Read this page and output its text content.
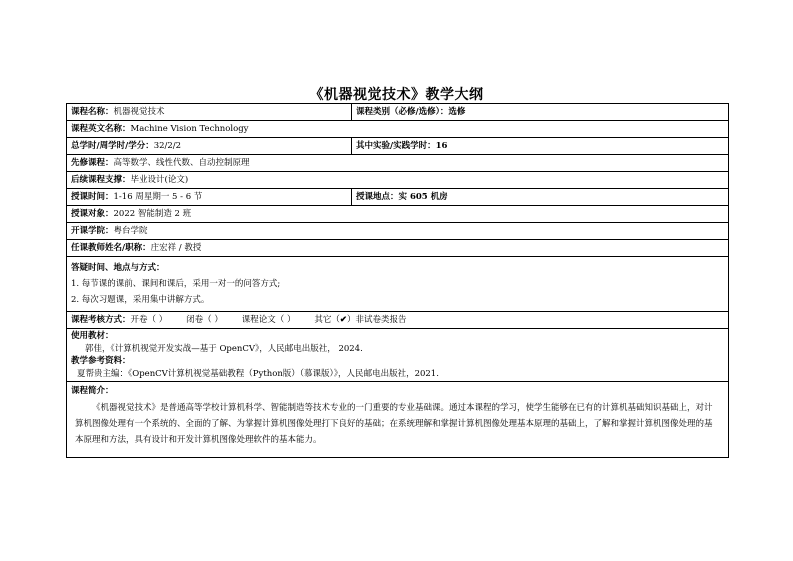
《机器视觉技术》教学大纲
课程名称：机器视觉技术	课程类别（必修/选修）：选修
课程英文名称：Machine Vision Technology	
总学时/周学时/学分：32/2/2	其中实验/实践学时：16
先修课程：高等数学、线性代数、自动控制原理	
后续课程支撑：毕业设计(论文)	
授课时间：1-16 周星期一 5 - 6 节	授课地点：实 605 机房
授课对象：2022 智能制造 2 班	
开课学院：粤台学院	
任课教师姓名/职称：庄宏祥 / 教授	

答疑时间、地点与方式：
1. 每节课的课前、课间和课后，采用一对一的问答方式;
2. 每次习题课，采用集中讲解方式。	

课程考核方式：开卷（ ） 闭卷（ ） 课程论文（ ） 其它（✔）非试卷类报告	

使用教材：
郭佳，《计算机视觉开发实战—基于 OpenCV》，人民邮电出版社， 2024.
教学参考资料：
夏帮贵主编：《OpenCV计算机视觉基础教程（Python版）（慕课版）》，人民邮电出版社，2021.	

课程简介：
《机器视觉技术》是普通高等学校计算机科学、智能制造等技术专业的一门重要的专业基础课。通过本课程的学习，使学生能够在已有的计算机基础知识基础上，对计算机图像处理有一个系统的、全面的了解、为掌握计算机图像处理打下良好的基础；在系统理解和掌握计算机图像处理基本原理的基础上，了解和掌握计算机图像处理的基本原理和方法，具有设计和开发计算机图像处理软件的基本能力。	
